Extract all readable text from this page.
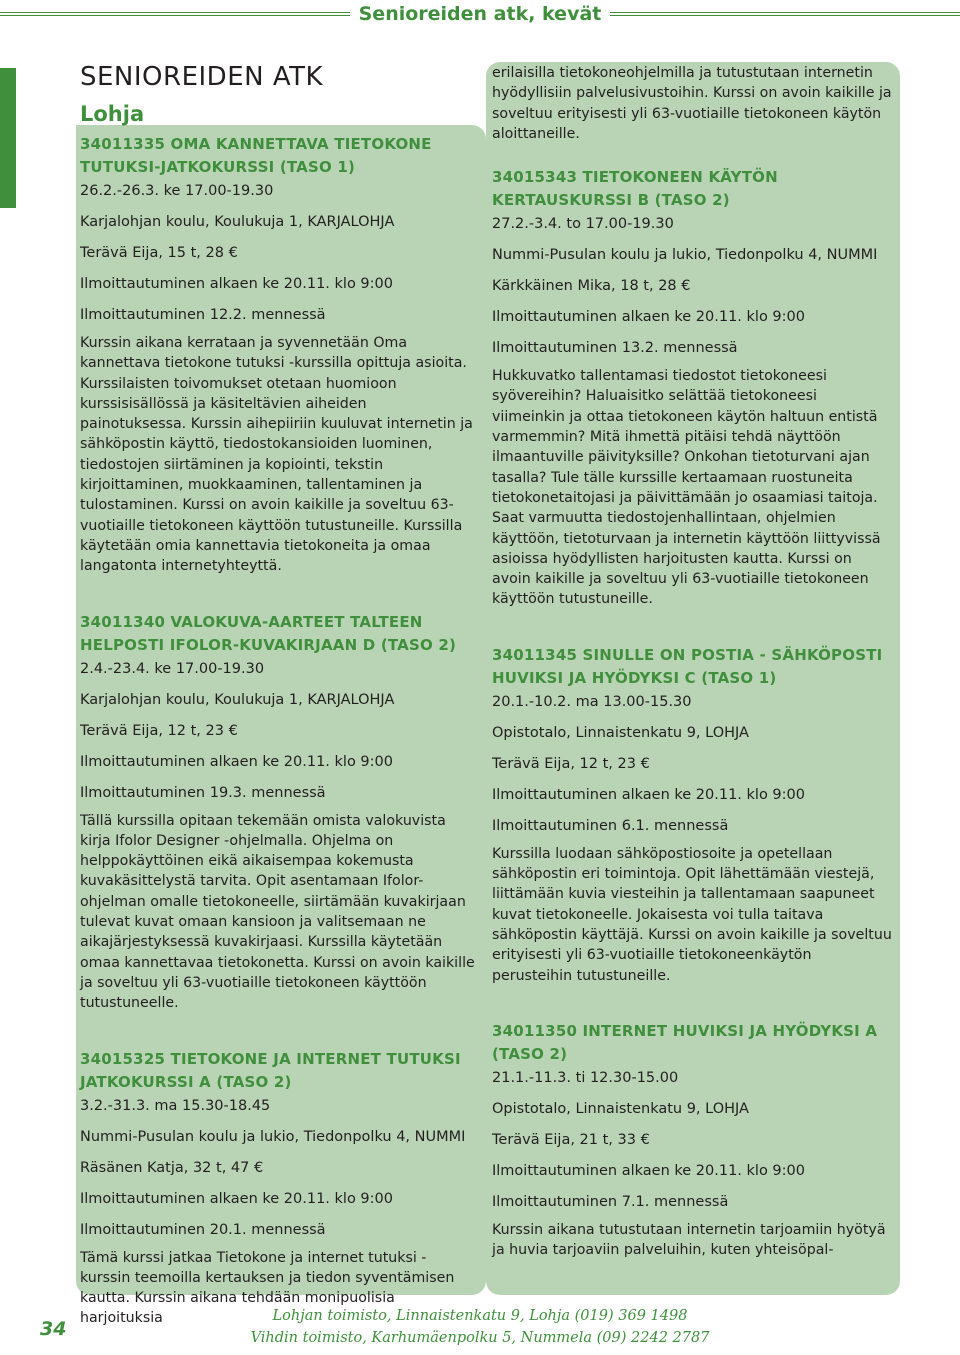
Senioreiden atk, kevät
SENIOREIDEN ATK
Lohja
34011335 OMA KANNETTAVA TIETOKONE TUTUKSI-JATKOKURSSI (TASO 1)
26.2.-26.3. ke 17.00-19.30
Karjalohjan koulu, Koulukuja 1, KARJALOHJA
Terävä Eija, 15 t, 28 €
Ilmoittautuminen alkaen ke 20.11. klo 9:00
Ilmoittautuminen 12.2. mennessä
Kurssin aikana kerrataan ja syvennetään Oma kannettava tietokone tutuksi -kurssilla opittuja asioita. Kurssilaisten toivomukset otetaan huomioon kurssisisällössä ja käsiteltävien aiheiden painotuksessa. Kurssin aihepiiriin kuuluvat internetin ja sähköpostin käyttö, tiedostokansioiden luominen, tiedostojen siirtäminen ja kopiointi, tekstin kirjoittaminen, muokkaaminen, tallentaminen ja tulostaminen. Kurssi on avoin kaikille ja soveltuu 63-vuotiaille tietokoneen käyttöön tutustuneille. Kurssilla käytetään omia kannettavia tietokoneita ja omaa langatonta internetyhteyttä.
34011340 VALOKUVA-AARTEET TALTEEN HELPOSTI IFOLOR-KUVAKIRJAAN D (TASO 2)
2.4.-23.4. ke 17.00-19.30
Karjalohjan koulu, Koulukuja 1, KARJALOHJA
Terävä Eija, 12 t, 23 €
Ilmoittautuminen alkaen ke 20.11. klo 9:00
Ilmoittautuminen 19.3. mennessä
Tällä kurssilla opitaan tekemään omista valokuvista kirja Ifolor Designer -ohjelmalla. Ohjelma on helppokäyttöinen eikä aikaisempaa kokemusta kuvakäsittelystä tarvita. Opit asentamaan Ifolor-ohjelman omalle tietokoneelle, siirtämään kuvakirjaan tulevat kuvat omaan kansioon ja valitsemaan ne aikajärjestyksessä kuvakirjaasi. Kurssilla käytetään omaa kannettavaa tietokonetta. Kurssi on avoin kaikille ja soveltuu yli 63-vuotiaille tietokoneen käyttöön tutustuneelle.
34015325 TIETOKONE JA INTERNET TUTUKSI JATKOKURSSI A (TASO 2)
3.2.-31.3. ma 15.30-18.45
Nummi-Pusulan koulu ja lukio, Tiedonpolku 4, NUMMI
Räsänen Katja, 32 t, 47 €
Ilmoittautuminen alkaen ke 20.11. klo 9:00
Ilmoittautuminen 20.1. mennessä
Tämä kurssi jatkaa Tietokone ja internet tutuksi -kurssin teemoilla kertauksen ja tiedon syventämisen kautta. Kurssin aikana tehdään monipuolisia harjoituksia
erilaisilla tietokoneohjelmilla ja tutustutaan internetin hyödyllisiin palvelusivustoihin. Kurssi on avoin kaikille ja soveltuu erityisesti yli 63-vuotiaille tietokoneen käytön aloittaneille.
34015343 TIETOKONEEN KÄYTÖN KERTAUSKURSSI B (TASO 2)
27.2.-3.4. to 17.00-19.30
Nummi-Pusulan koulu ja lukio, Tiedonpolku 4, NUMMI
Kärkkäinen Mika, 18 t, 28 €
Ilmoittautuminen alkaen ke 20.11. klo 9:00
Ilmoittautuminen 13.2. mennessä
Hukkuvatko tallentamasi tiedostot tietokoneesi syövereihin? Haluaisitko selättää tietokoneesi viimeinkin ja ottaa tietokoneen käytön haltuun entistä varmemmin? Mitä ihmettä pitäisi tehdä näyttöön ilmaantuville päivityksille? Onkohan tietoturvani ajan tasalla? Tule tälle kurssille kertaamaan ruostuneita tietokonetaitojasi ja päivittämään jo osaamiasi taitoja. Saat varmuutta tiedostojenhallintaan, ohjelmien käyttöön, tietoturvaan ja internetin käyttöön liittyvissä asioissa hyödyllisten harjoitusten kautta. Kurssi on avoin kaikille ja soveltuu yli 63-vuotiaille tietokoneen käyttöön tutustuneille.
34011345 SINULLE ON POSTIA - SÄHKÖPOSTI HUVIKSI JA HYÖDYKSI C (TASO 1)
20.1.-10.2. ma 13.00-15.30
Opistotalo, Linnaistenkatu 9, LOHJA
Terävä Eija, 12 t, 23 €
Ilmoittautuminen alkaen ke 20.11. klo 9:00
Ilmoittautuminen 6.1. mennessä
Kurssilla luodaan sähköpostiosoite ja opetellaan sähköpostin eri toimintoja. Opit lähettämään viestejä, liittämään kuvia viesteihin ja tallentamaan saapuneet kuvat tietokoneelle. Jokaisesta voi tulla taitava sähköpostin käyttäjä. Kurssi on avoin kaikille ja soveltuu erityisesti yli 63-vuotiaille tietokoneenkäytön perusteihin tutustuneille.
34011350 INTERNET HUVIKSI JA HYÖDYKSI A (TASO 2)
21.1.-11.3. ti 12.30-15.00
Opistotalo, Linnaistenkatu 9, LOHJA
Terävä Eija, 21 t, 33 €
Ilmoittautuminen alkaen ke 20.11. klo 9:00
Ilmoittautuminen 7.1. mennessä
Kurssin aikana tutustutaan internetin tarjoamiin hyötyä ja huvia tarjoaviin palveluihin, kuten yhteisöpal-
34
Lohjan toimisto, Linnaistenkatu 9, Lohja (019) 369 1498
Vihdin toimisto, Karhumäenpolku 5, Nummela (09) 2242 2787
